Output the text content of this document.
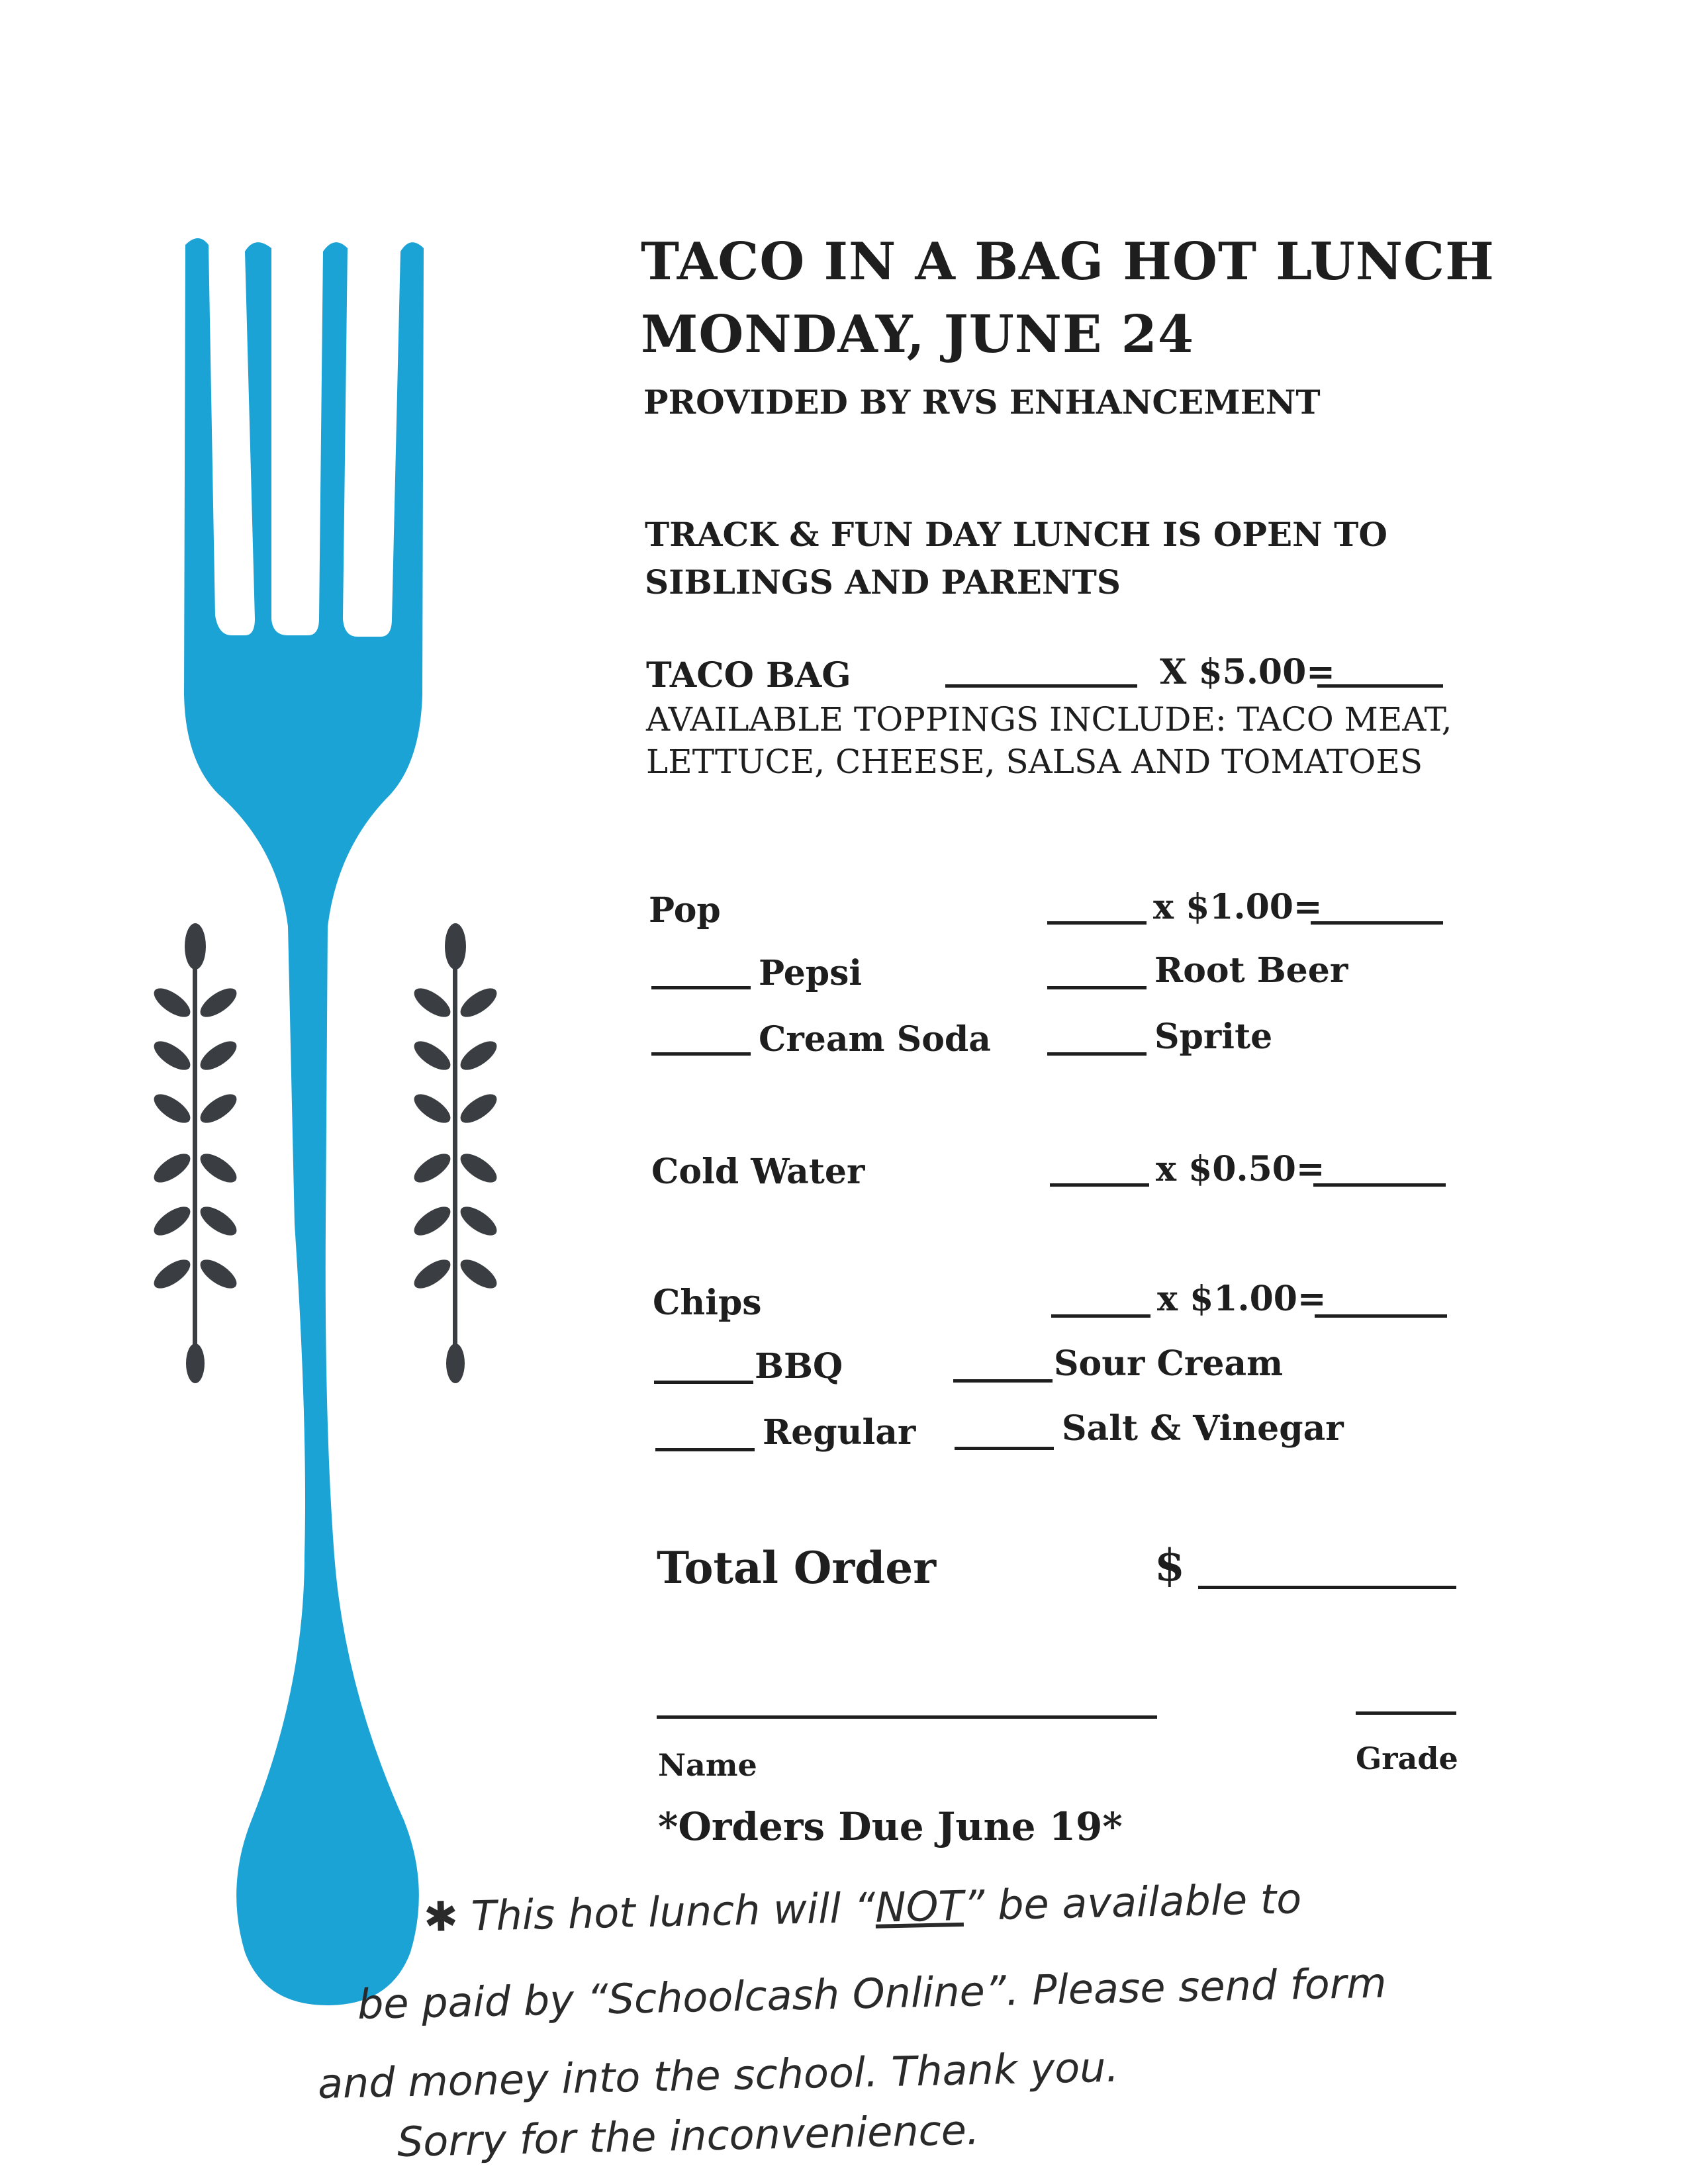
TACO IN A BAG HOT LUNCH
MONDAY, JUNE 24
PROVIDED BY RVS ENHANCEMENT
TRACK & FUN DAY LUNCH IS OPEN TO
SIBLINGS AND PARENTS
TACO BAG	X $5.00=
AVAILABLE TOPPINGS INCLUDE: TACO MEAT,
LETTUCE, CHEESE, SALSA AND TOMATOES
Pop	x $1.00=
Pepsi	Root Beer
Cream Soda	Sprite
Cold Water	x $0.50=
Chips	x $1.00=
BBQ	Sour Cream
Regular	Salt & Vinegar
Total Order	$
Name	Grade
*Orders Due June 19*
✱ This hot lunch will “NOT” be available to
be paid by “Schoolcash Online”. Please send form
and money into the school. Thank you.
Sorry for the inconvenience.
